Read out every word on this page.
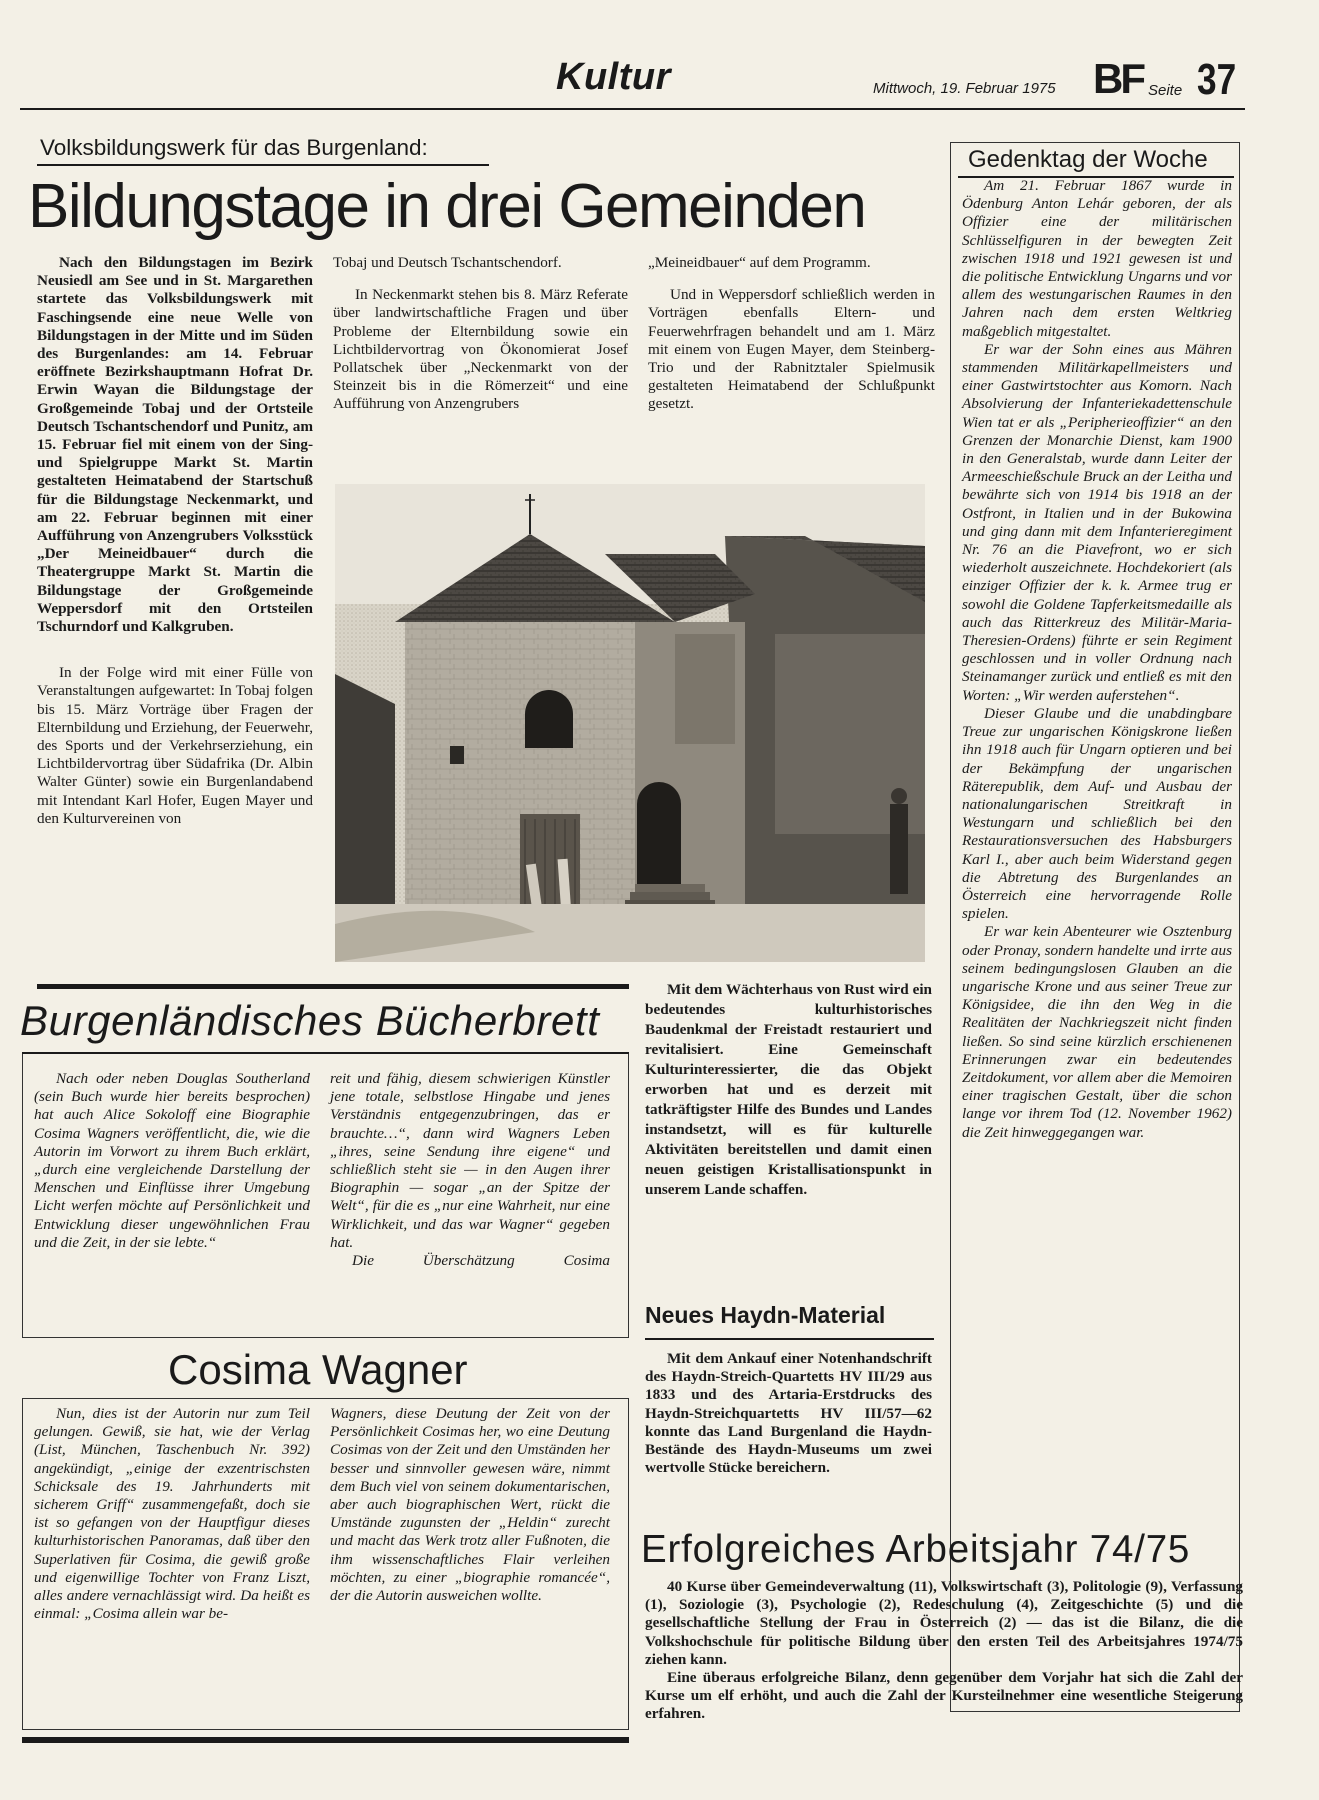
Kultur	Mittwoch, 19. Februar 1975 BF Seite 37
Volksbildungswerk für das Burgenland:
Bildungstage in drei Gemeinden

Nach den Bildungstagen im Bezirk Neusiedl am See und in St. Margarethen startete das Volksbildungswerk mit Faschingsende eine neue Welle von Bildungstagen in der Mitte und im Süden des Burgenlandes: am 14. Februar eröffnete Bezirkshauptmann Hofrat Dr. Erwin Wayan die Bildungstage der Großgemeinde Tobaj und der Ortsteile Deutsch Tschantschendorf und Punitz, am 15. Februar fiel mit einem von der Sing- und Spielgruppe Markt St. Martin gestalteten Heimatabend der Startschuß für die Bildungstage Neckenmarkt, und am 22. Februar beginnen mit einer Aufführung von Anzengrubers Volksstück „Der Meineidbauer“ durch die Theatergruppe Markt St. Martin die Bildungstage der Großgemeinde Weppersdorf mit den Ortsteilen Tschurndorf und Kalkgruben.

In der Folge wird mit einer Fülle von Veranstaltungen aufgewartet: In Tobaj folgen bis 15. März Vorträge über Fragen der Elternbildung und Erziehung, der Feuerwehr, des Sports und der Verkehrserziehung, ein Lichtbildervortrag über Südafrika (Dr. Albin Walter Günter) sowie ein Burgenlandabend mit Intendant Karl Hofer, Eugen Mayer und den Kulturvereinen von

Tobaj und Deutsch Tschantschendorf.

In Neckenmarkt stehen bis 8. März Referate über landwirtschaftliche Fragen und über Probleme der Elternbildung sowie ein Lichtbildervortrag von Ökonomierat Josef Pollatschek über „Neckenmarkt von der Steinzeit bis in die Römerzeit“ und eine Aufführung von Anzengrubers

„Meineidbauer“ auf dem Programm.

Und in Weppersdorf schließlich werden in Vorträgen ebenfalls Eltern- und Feuerwehrfragen behandelt und am 1. März mit einem von Eugen Mayer, dem Steinberg-Trio und der Rabnitztaler Spielmusik gestalteten Heimatabend der Schlußpunkt gesetzt.

Burgenländisches Bücherbrett

Nach oder neben Douglas Southerland (sein Buch wurde hier bereits besprochen) hat auch Alice Sokoloff eine Biographie Cosima Wagners veröffentlicht, die, wie die Autorin im Vorwort zu ihrem Buch erklärt, „durch eine vergleichende Darstellung der Menschen und Einflüsse ihrer Umgebung Licht werfen möchte auf Persönlichkeit und Entwicklung dieser ungewöhnlichen Frau und die Zeit, in der sie lebte.“

reit und fähig, diesem schwierigen Künstler jene totale, selbstlose Hingabe und jenes Verständnis entgegenzubringen, das er brauchte…“, dann wird Wagners Leben „ihres, seine Sendung ihre eigene“ und schließlich steht sie — in den Augen ihrer Biographin — sogar „an der Spitze der Welt“, für die es „nur eine Wahrheit, nur eine Wirklichkeit, und das war Wagner“ gegeben hat.

Die Überschätzung Cosima

Cosima Wagner

Nun, dies ist der Autorin nur zum Teil gelungen. Gewiß, sie hat, wie der Verlag (List, München, Taschenbuch Nr. 392) angekündigt, „einige der exzentrischsten Schicksale des 19. Jahrhunderts mit sicherem Griff“ zusammengefaßt, doch sie ist so gefangen von der Hauptfigur dieses kulturhistorischen Panoramas, daß über den Superlativen für Cosima, die gewiß große und eigenwillige Tochter von Franz Liszt, alles andere vernachlässigt wird. Da heißt es einmal: „Cosima allein war be-

Wagners, diese Deutung der Zeit von der Persönlichkeit Cosimas her, wo eine Deutung Cosimas von der Zeit und den Umständen her besser und sinnvoller gewesen wäre, nimmt dem Buch viel von seinem dokumentarischen, aber auch biographischen Wert, rückt die Umstände zugunsten der „Heldin“ zurecht und macht das Werk trotz aller Fußnoten, die ihm wissenschaftliches Flair verleihen möchten, zu einer „biographie romancée“, der die Autorin ausweichen wollte.

Mit dem Wächterhaus von Rust wird ein bedeutendes kulturhistorisches Baudenkmal der Freistadt restauriert und revitalisiert. Eine Gemeinschaft Kulturinteressierter, die das Objekt erworben hat und es derzeit mit tatkräftigster Hilfe des Bundes und Landes instandsetzt, will es für kulturelle Aktivitäten bereitstellen und damit einen neuen geistigen Kristallisationspunkt in unserem Lande schaffen.

Neues Haydn-Material

Mit dem Ankauf einer Notenhandschrift des Haydn-Streich-Quartetts HV III/29 aus 1833 und des Artaria-Erstdrucks des Haydn-Streichquartetts HV III/57—62 konnte das Land Burgenland die Haydn-Bestände des Haydn-Museums um zwei wertvolle Stücke bereichern.

Gedenktag der Woche

Am 21. Februar 1867 wurde in Ödenburg Anton Lehár geboren, der als Offizier eine der militärischen Schlüsselfiguren in der bewegten Zeit zwischen 1918 und 1921 gewesen ist und die politische Entwicklung Ungarns und vor allem des westungarischen Raumes in den Jahren nach dem ersten Weltkrieg maßgeblich mitgestaltet.

Er war der Sohn eines aus Mähren stammenden Militärkapellmeisters und einer Gastwirtstochter aus Komorn. Nach Absolvierung der Infanteriekadettenschule Wien tat er als „Peripherieoffizier“ an den Grenzen der Monarchie Dienst, kam 1900 in den Generalstab, wurde dann Leiter der Armeeschießschule Bruck an der Leitha und bewährte sich von 1914 bis 1918 an der Ostfront, in Italien und in der Bukowina und ging dann mit dem Infanterieregiment Nr. 76 an die Piavefront, wo er sich wiederholt auszeichnete. Hochdekoriert (als einziger Offizier der k. k. Armee trug er sowohl die Goldene Tapferkeitsmedaille als auch das Ritterkreuz des Militär-Maria-Theresien-Ordens) führte er sein Regiment geschlossen und in voller Ordnung nach Steinamanger zurück und entließ es mit den Worten: „Wir werden auferstehen“.

Dieser Glaube und die unabdingbare Treue zur ungarischen Königskrone ließen ihn 1918 auch für Ungarn optieren und bei der Bekämpfung der ungarischen Räterepublik, dem Auf- und Ausbau der nationalungarischen Streitkraft in Westungarn und schließlich bei den Restaurationsversuchen des Habsburgers Karl I., aber auch beim Widerstand gegen die Abtretung des Burgenlandes an Österreich eine hervorragende Rolle spielen.

Er war kein Abenteurer wie Osztenburg oder Pronay, sondern handelte und irrte aus seinem bedingungslosen Glauben an die ungarische Krone und aus seiner Treue zur Königsidee, die ihn den Weg in die Realitäten der Nachkriegszeit nicht finden ließen. So sind seine kürzlich erschienenen Erinnerungen zwar ein bedeutendes Zeitdokument, vor allem aber die Memoiren einer tragischen Gestalt, über die schon lange vor ihrem Tod (12. November 1962) die Zeit hinweggegangen war.

Erfolgreiches Arbeitsjahr 74/75

40 Kurse über Gemeindeverwaltung (11), Volkswirtschaft (3), Politologie (9), Verfassung (1), Soziologie (3), Psychologie (2), Redeschulung (4), Zeitgeschichte (5) und die gesellschaftliche Stellung der Frau in Österreich (2) — das ist die Bilanz, die die Volkshochschule für politische Bildung über den ersten Teil des Arbeitsjahres 1974/75 ziehen kann.

Eine überaus erfolgreiche Bilanz, denn gegenüber dem Vorjahr hat sich die Zahl der Kurse um elf erhöht, und auch die Zahl der Kursteilnehmer eine wesentliche Steigerung erfahren.
